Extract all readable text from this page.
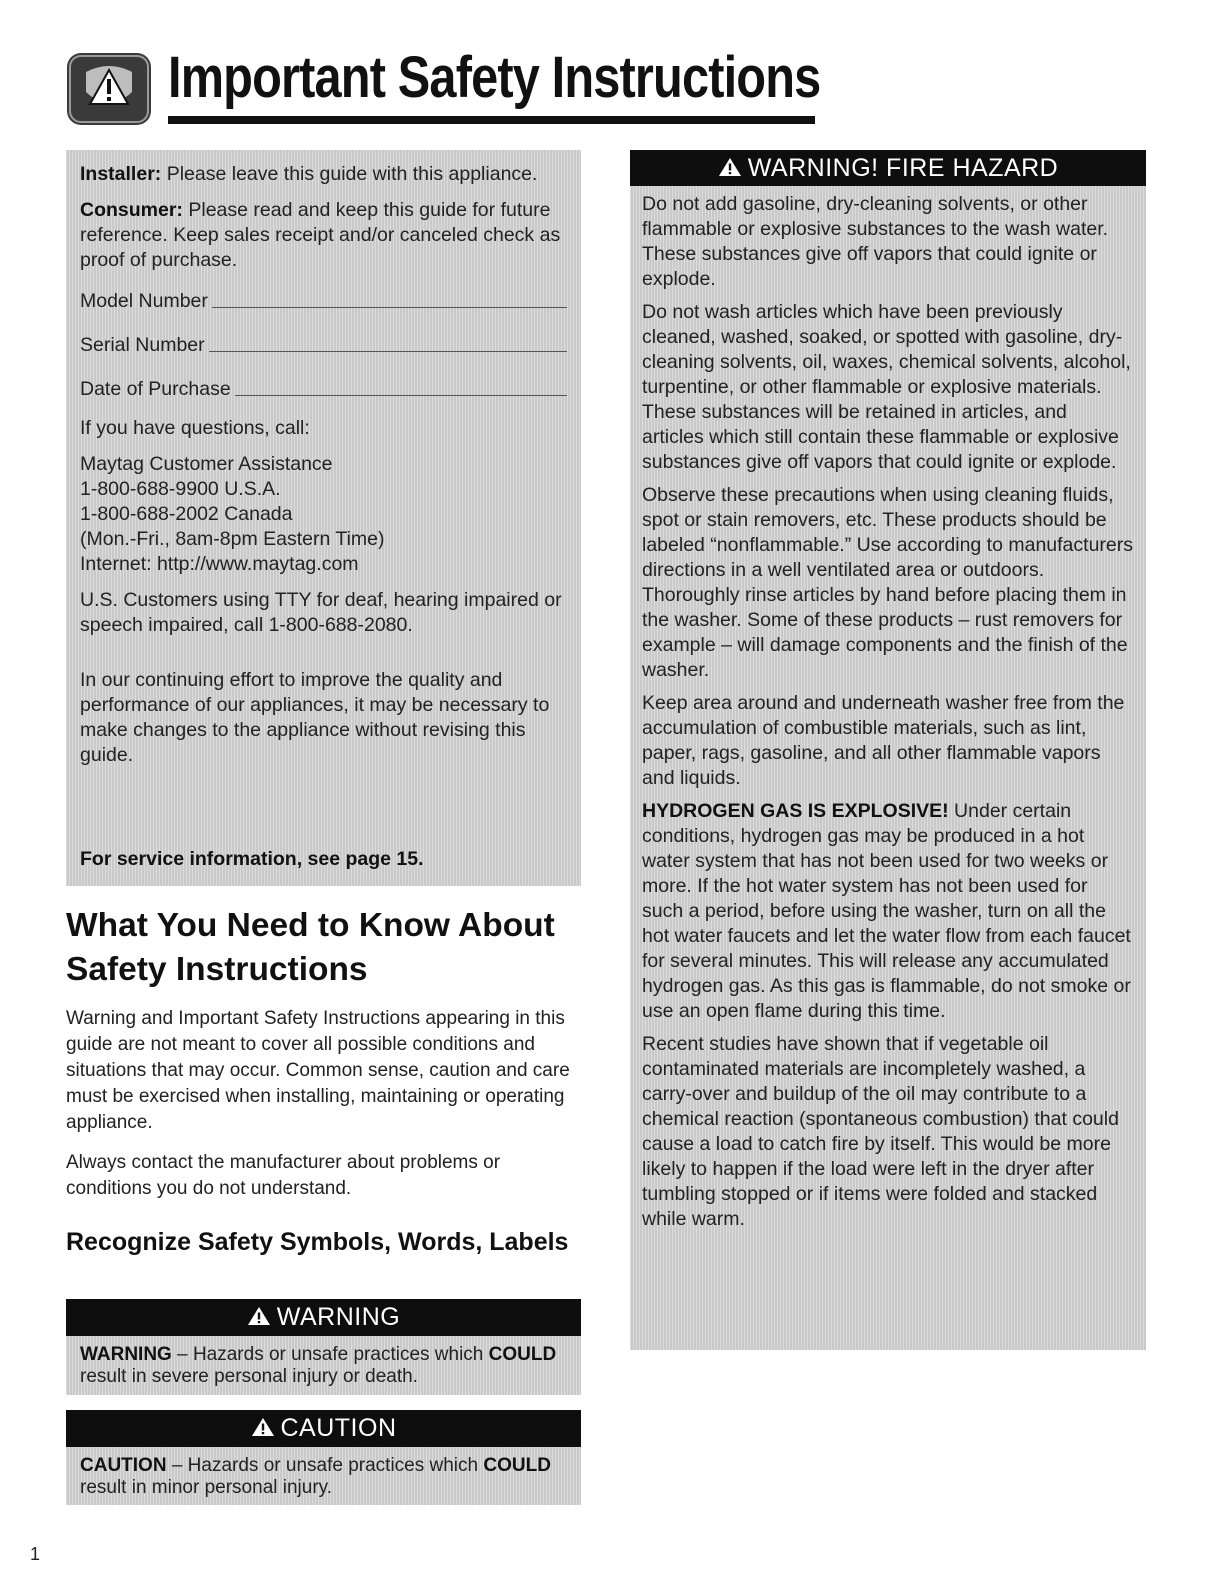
Important Safety Instructions

Installer: Please leave this guide with this appliance.

Consumer: Please read and keep this guide for future reference. Keep sales receipt and/or canceled check as proof of purchase.

Model Number
Serial Number
Date of Purchase

If you have questions, call:

Maytag Customer Assistance

1-800-688-9900 U.S.A.

1-800-688-2002 Canada

(Mon.-Fri., 8am-8pm Eastern Time)

Internet: http://www.maytag.com

U.S. Customers using TTY for deaf, hearing impaired or speech impaired, call 1-800-688-2080.

In our continuing effort to improve the quality and performance of our appliances, it may be necessary to make changes to the appliance without revising this guide.

For service information, see page 15.
What You Need to Know About Safety Instructions

Warning and Important Safety Instructions appearing in this guide are not meant to cover all possible conditions and situations that may occur. Common sense, caution and care must be exercised when installing, maintaining or operating appliance.

Always contact the manufacturer about problems or conditions you do not understand.

Recognize Safety Symbols, Words, Labels
WARNING
WARNING – Hazards or unsafe practices which COULD result in severe personal injury or death.
CAUTION
CAUTION – Hazards or unsafe practices which COULD result in minor personal injury.
WARNING! FIRE HAZARD

Do not add gasoline, dry-cleaning solvents, or other flammable or explosive substances to the wash water. These substances give off vapors that could ignite or explode.

Do not wash articles which have been previously cleaned, washed, soaked, or spotted with gasoline, dry-cleaning solvents, oil, waxes, chemical solvents, alcohol, turpentine, or other flammable or explosive materials. These substances will be retained in articles, and articles which still contain these flammable or explosive substances give off vapors that could ignite or explode.

Observe these precautions when using cleaning fluids, spot or stain removers, etc. These products should be labeled “nonflammable.” Use according to manufacturers directions in a well ventilated area or outdoors. Thoroughly rinse articles by hand before placing them in the washer. Some of these products – rust removers for example – will damage components and the finish of the washer.

Keep area around and underneath washer free from the accumulation of combustible materials, such as lint, paper, rags, gasoline, and all other flammable vapors and liquids.

HYDROGEN GAS IS EXPLOSIVE! Under certain conditions, hydrogen gas may be produced in a hot water system that has not been used for two weeks or more. If the hot water system has not been used for such a period, before using the washer, turn on all the hot water faucets and let the water flow from each faucet for several minutes. This will release any accumulated hydrogen gas. As this gas is flammable, do not smoke or use an open flame during this time.

Recent studies have shown that if vegetable oil contaminated materials are incompletely washed, a carry-over and buildup of the oil may contribute to a chemical reaction (spontaneous combustion) that could cause a load to catch fire by itself. This would be more likely to happen if the load were left in the dryer after tumbling stopped or if items were folded and stacked while warm.

1
